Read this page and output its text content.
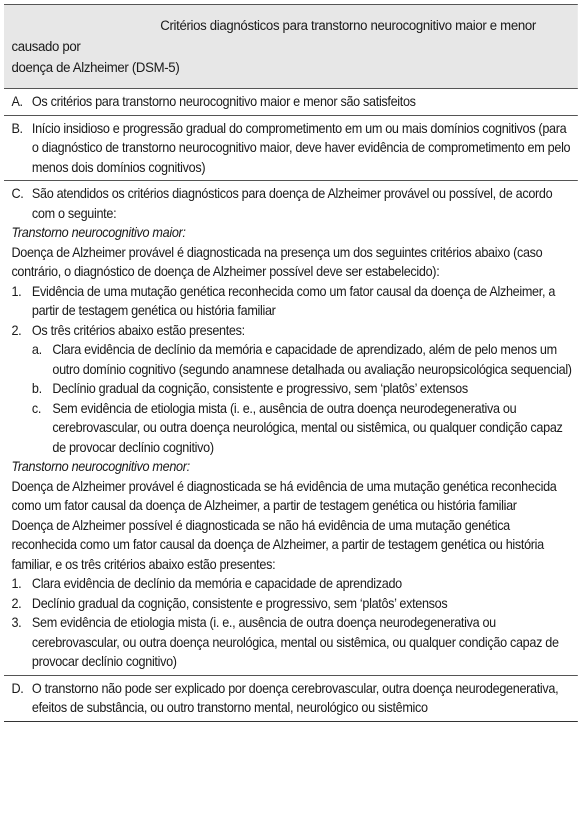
Critérios diagnósticos para transtorno neurocognitivo maior e menor causado por
doença de Alzheimer (DSM-5)
A. Os critérios para transtorno neurocognitivo maior e menor são satisfeitos
B. Início insidioso e progressão gradual do comprometimento em um ou mais domínios cognitivos (para o diagnóstico de transtorno neurocognitivo maior, deve haver evidência de comprometimento em pelo menos dois domínios cognitivos)
C. São atendidos os critérios diagnósticos para doença de Alzheimer provável ou possível, de acordo com o seguinte:
Transtorno neurocognitivo maior:
Doença de Alzheimer provável é diagnosticada na presença um dos seguintes critérios abaixo (caso contrário, o diagnóstico de doença de Alzheimer possível deve ser estabelecido):
1. Evidência de uma mutação genética reconhecida como um fator causal da doença de Alzheimer, a partir de testagem genética ou história familiar
2. Os três critérios abaixo estão presentes:
a. Clara evidência de declínio da memória e capacidade de aprendizado, além de pelo menos um outro domínio cognitivo (segundo anamnese detalhada ou avaliação neuropsicológica sequencial)
b. Declínio gradual da cognição, consistente e progressivo, sem ‘platôs’ extensos
c. Sem evidência de etiologia mista (i. e., ausência de outra doença neurodegenerativa ou cerebrovascular, ou outra doença neurológica, mental ou sistêmica, ou qualquer condição capaz de provocar declínio cognitivo)
Transtorno neurocognitivo menor:
Doença de Alzheimer provável é diagnosticada se há evidência de uma mutação genética reconhecida como um fator causal da doença de Alzheimer, a partir de testagem genética ou história familiar
Doença de Alzheimer possível é diagnosticada se não há evidência de uma mutação genética reconhecida como um fator causal da doença de Alzheimer, a partir de testagem genética ou história familiar, e os três critérios abaixo estão presentes:
1. Clara evidência de declínio da memória e capacidade de aprendizado
2. Declínio gradual da cognição, consistente e progressivo, sem ‘platôs’ extensos
3. Sem evidência de etiologia mista (i. e., ausência de outra doença neurodegenerativa ou cerebrovascular, ou outra doença neurológica, mental ou sistêmica, ou qualquer condição capaz de provocar declínio cognitivo)
D. O transtorno não pode ser explicado por doença cerebrovascular, outra doença neurodegenerativa, efeitos de substância, ou outro transtorno mental, neurológico ou sistêmico
